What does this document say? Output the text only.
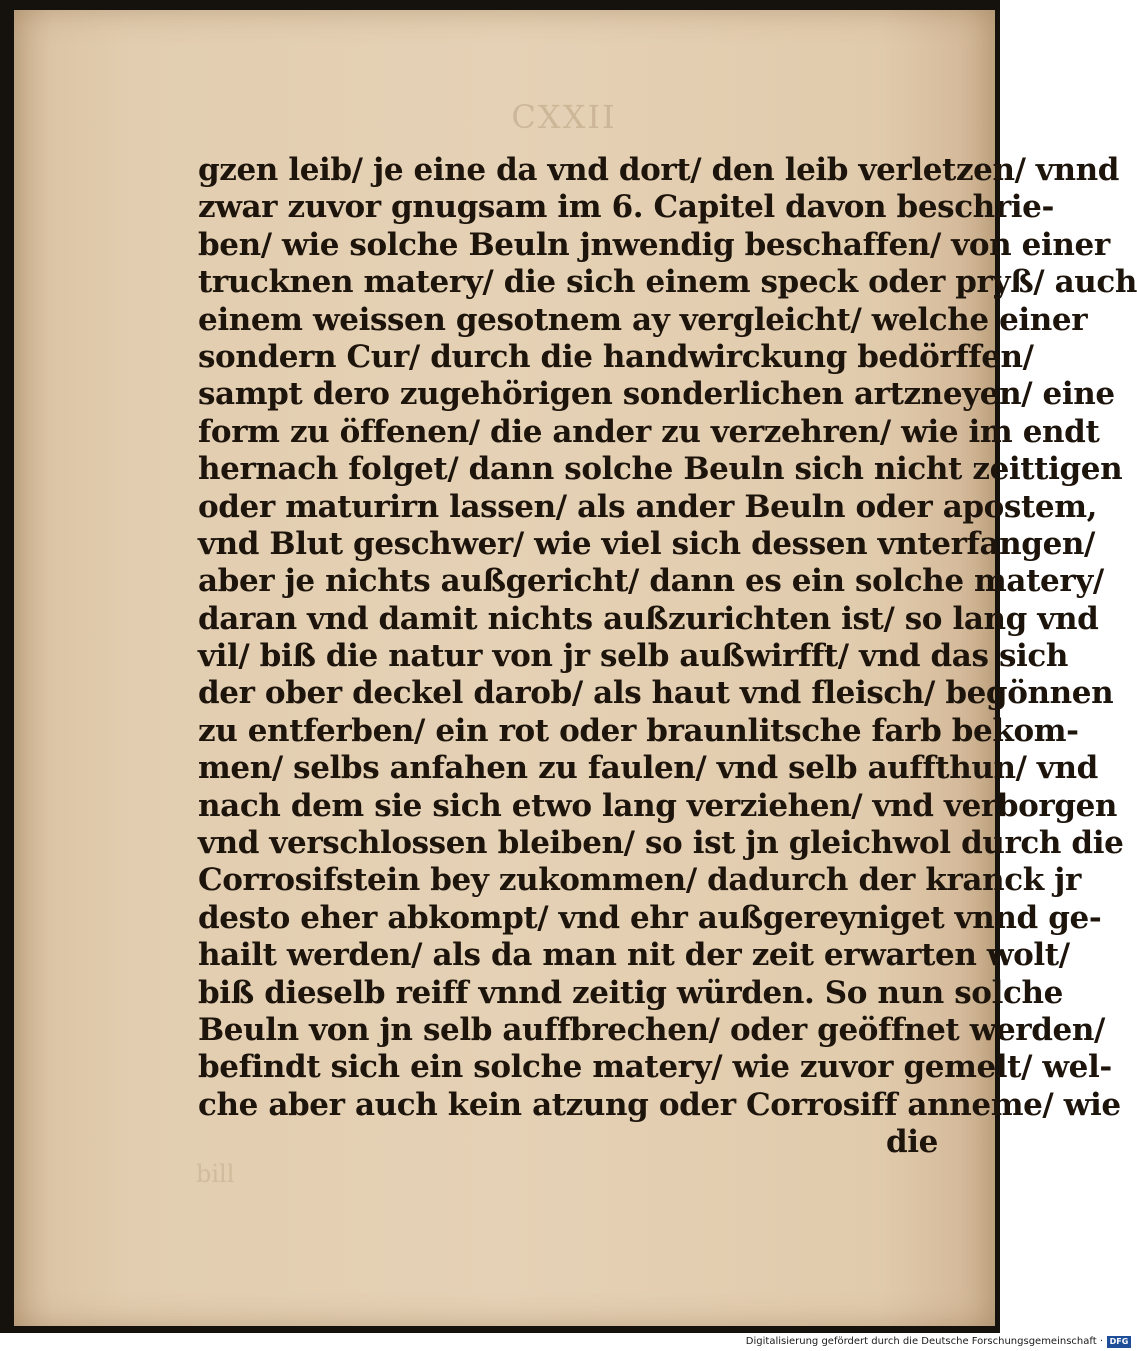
CXXII
gzen leib/ je eine da vnd dort/ den leib verletzen/ vnnd
zwar zuvor gnugsam im 6. Capitel davon beschrie-
ben/ wie solche Beuln jnwendig beschaffen/ von einer
trucknen matery/ die sich einem speck oder pryß/ auch
einem weissen gesotnem ay vergleicht/ welche einer
sondern Cur/ durch die handwirckung bedörffen/
sampt dero zugehörigen sonderlichen artzneyen/ eine
form zu öffenen/ die ander zu verzehren/ wie im endt
hernach folget/ dann solche Beuln sich nicht zeittigen
oder maturirn lassen/ als ander Beuln oder apostem,
vnd Blut geschwer/ wie viel sich dessen vnterfangen/
aber je nichts außgericht/ dann es ein solche matery/
daran vnd damit nichts außzurichten ist/ so lang vnd
vil/ biß die natur von jr selb außwirfft/ vnd das sich
der ober deckel darob/ als haut vnd fleisch/ begönnen
zu entferben/ ein rot oder braunlitsche farb bekom-
men/ selbs anfahen zu faulen/ vnd selb auffthun/ vnd
nach dem sie sich etwo lang verziehen/ vnd verborgen
vnd verschlossen bleiben/ so ist jn gleichwol durch die
Corrosifstein bey zukommen/ dadurch der kranck jr
desto eher abkompt/ vnd ehr außgereyniget vnnd ge-
hailt werden/ als da man nit der zeit erwarten wolt/
biß dieselb reiff vnnd zeitig würden. So nun solche
Beuln von jn selb auffbrechen/ oder geöffnet werden/
befindt sich ein solche matery/ wie zuvor gemelt/ wel-
che aber auch kein atzung oder Corrosiff anneme/ wie
die
bill
Digitalisierung gefördert durch die Deutsche Forschungsgemeinschaft · DFG
